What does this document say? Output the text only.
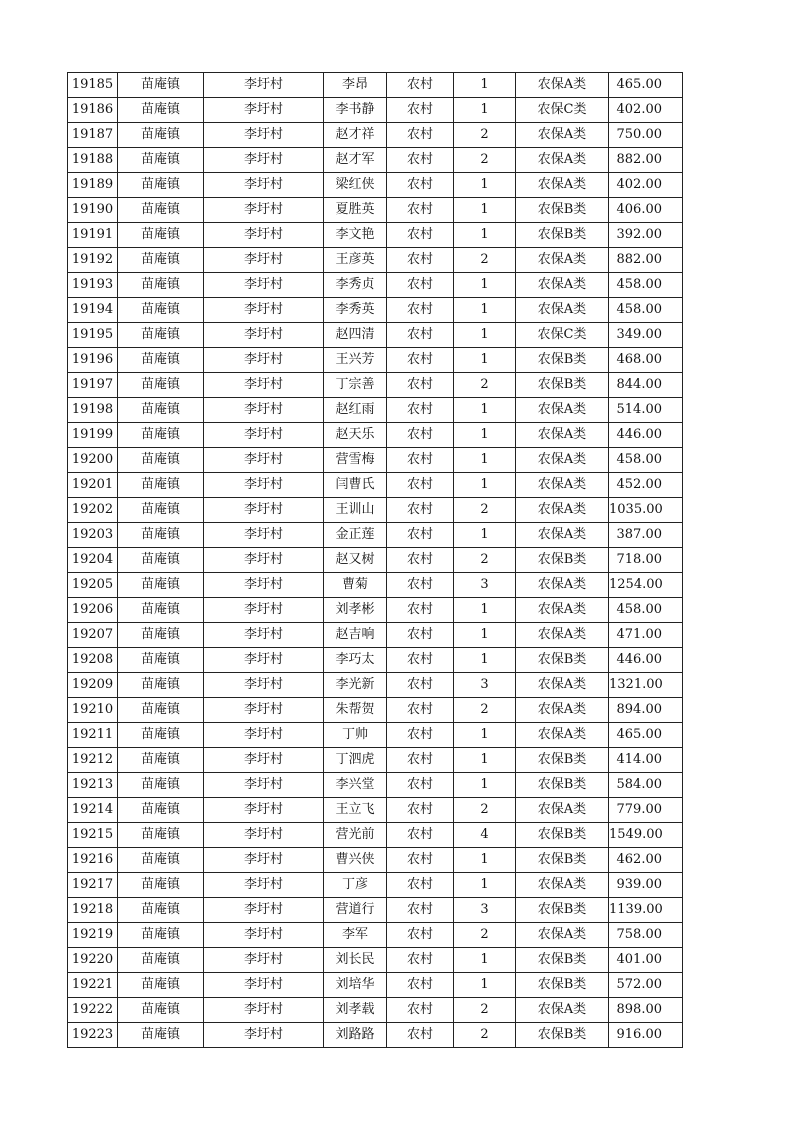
19185	苗庵镇	李圩村	李昂	农村	1	农保A类	465.00
19186	苗庵镇	李圩村	李书静	农村	1	农保C类	402.00
19187	苗庵镇	李圩村	赵才祥	农村	2	农保A类	750.00
19188	苗庵镇	李圩村	赵才军	农村	2	农保A类	882.00
19189	苗庵镇	李圩村	梁红侠	农村	1	农保A类	402.00
19190	苗庵镇	李圩村	夏胜英	农村	1	农保B类	406.00
19191	苗庵镇	李圩村	李文艳	农村	1	农保B类	392.00
19192	苗庵镇	李圩村	王彦英	农村	2	农保A类	882.00
19193	苗庵镇	李圩村	李秀贞	农村	1	农保A类	458.00
19194	苗庵镇	李圩村	李秀英	农村	1	农保A类	458.00
19195	苗庵镇	李圩村	赵四清	农村	1	农保C类	349.00
19196	苗庵镇	李圩村	王兴芳	农村	1	农保B类	468.00
19197	苗庵镇	李圩村	丁宗善	农村	2	农保B类	844.00
19198	苗庵镇	李圩村	赵红雨	农村	1	农保A类	514.00
19199	苗庵镇	李圩村	赵天乐	农村	1	农保A类	446.00
19200	苗庵镇	李圩村	营雪梅	农村	1	农保A类	458.00
19201	苗庵镇	李圩村	闫曹氏	农村	1	农保A类	452.00
19202	苗庵镇	李圩村	王训山	农村	2	农保A类	1035.00
19203	苗庵镇	李圩村	金正莲	农村	1	农保A类	387.00
19204	苗庵镇	李圩村	赵又树	农村	2	农保B类	718.00
19205	苗庵镇	李圩村	曹菊	农村	3	农保A类	1254.00
19206	苗庵镇	李圩村	刘孝彬	农村	1	农保A类	458.00
19207	苗庵镇	李圩村	赵吉响	农村	1	农保A类	471.00
19208	苗庵镇	李圩村	李巧太	农村	1	农保B类	446.00
19209	苗庵镇	李圩村	李光新	农村	3	农保A类	1321.00
19210	苗庵镇	李圩村	朱帮贺	农村	2	农保A类	894.00
19211	苗庵镇	李圩村	丁帅	农村	1	农保A类	465.00
19212	苗庵镇	李圩村	丁泗虎	农村	1	农保B类	414.00
19213	苗庵镇	李圩村	李兴堂	农村	1	农保B类	584.00
19214	苗庵镇	李圩村	王立飞	农村	2	农保A类	779.00
19215	苗庵镇	李圩村	营光前	农村	4	农保B类	1549.00
19216	苗庵镇	李圩村	曹兴侠	农村	1	农保B类	462.00
19217	苗庵镇	李圩村	丁彦	农村	1	农保A类	939.00
19218	苗庵镇	李圩村	营道行	农村	3	农保B类	1139.00
19219	苗庵镇	李圩村	李军	农村	2	农保A类	758.00
19220	苗庵镇	李圩村	刘长民	农村	1	农保B类	401.00
19221	苗庵镇	李圩村	刘培华	农村	1	农保B类	572.00
19222	苗庵镇	李圩村	刘孝载	农村	2	农保A类	898.00
19223	苗庵镇	李圩村	刘路路	农村	2	农保B类	916.00
